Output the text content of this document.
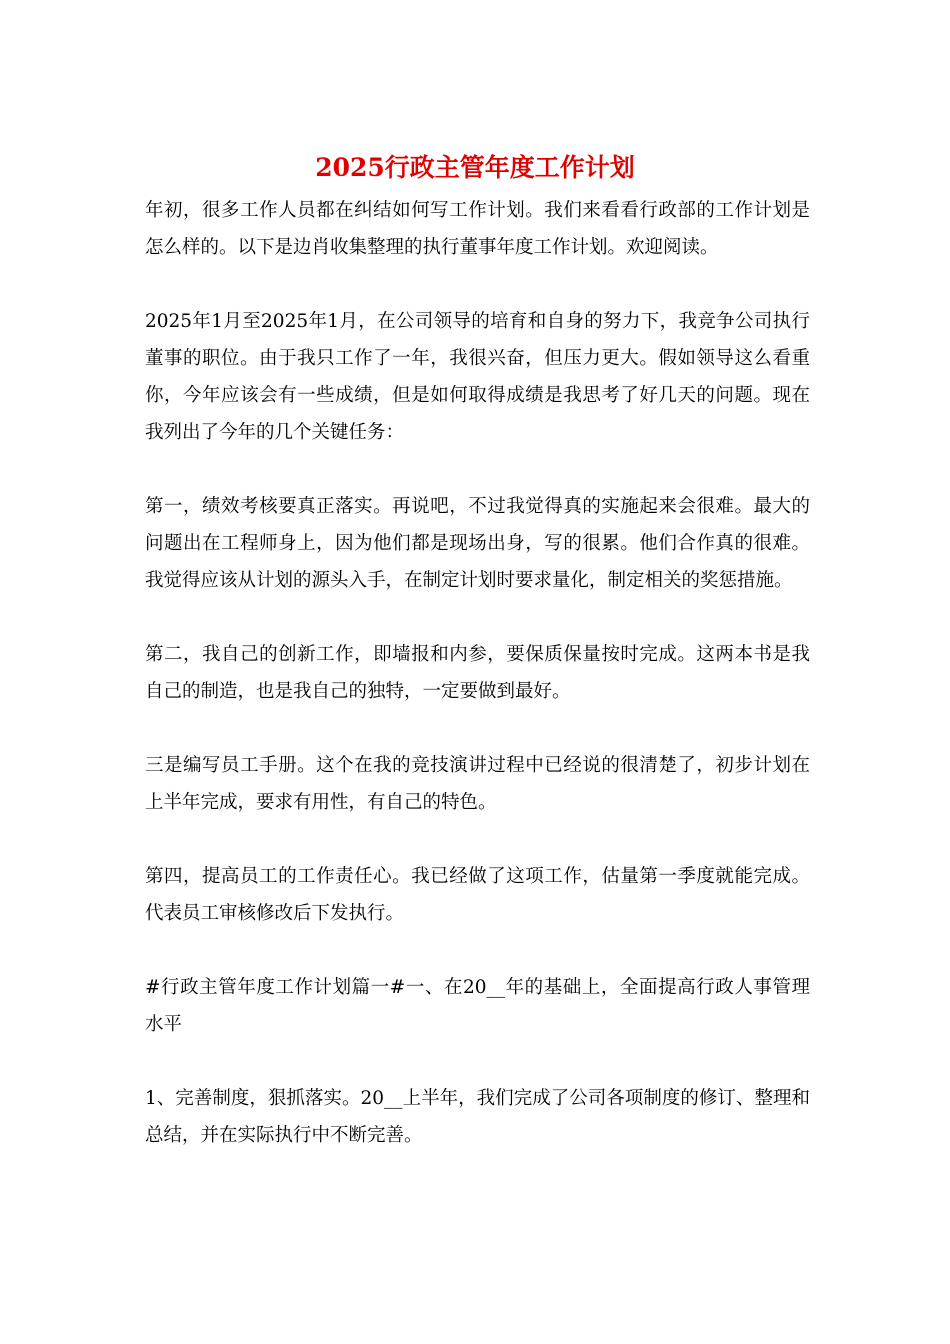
2025行政主管年度工作计划

年初，很多工作人员都在纠结如何写工作计划。我们来看看行政部的工作计划是怎么样的。以下是边肖收集整理的执行董事年度工作计划。欢迎阅读。

2025年1月至2025年1月，在公司领导的培育和自身的努力下，我竞争公司执行董事的职位。由于我只工作了一年，我很兴奋，但压力更大。假如领导这么看重你，今年应该会有一些成绩，但是如何取得成绩是我思考了好几天的问题。现在我列出了今年的几个关键任务：

第一，绩效考核要真正落实。再说吧，不过我觉得真的实施起来会很难。最大的问题出在工程师身上，因为他们都是现场出身，写的很累。他们合作真的很难。我觉得应该从计划的源头入手，在制定计划时要求量化，制定相关的奖惩措施。

第二，我自己的创新工作，即墙报和内参，要保质保量按时完成。这两本书是我自己的制造，也是我自己的独特，一定要做到最好。

三是编写员工手册。这个在我的竞技演讲过程中已经说的很清楚了，初步计划在上半年完成，要求有用性，有自己的特色。

第四，提高员工的工作责任心。我已经做了这项工作，估量第一季度就能完成。代表员工审核修改后下发执行。

#行政主管年度工作计划篇一#一、在20__年的基础上，全面提高行政人事管理水平

1、完善制度，狠抓落实。20__上半年，我们完成了公司各项制度的修订、整理和总结，并在实际执行中不断完善。
